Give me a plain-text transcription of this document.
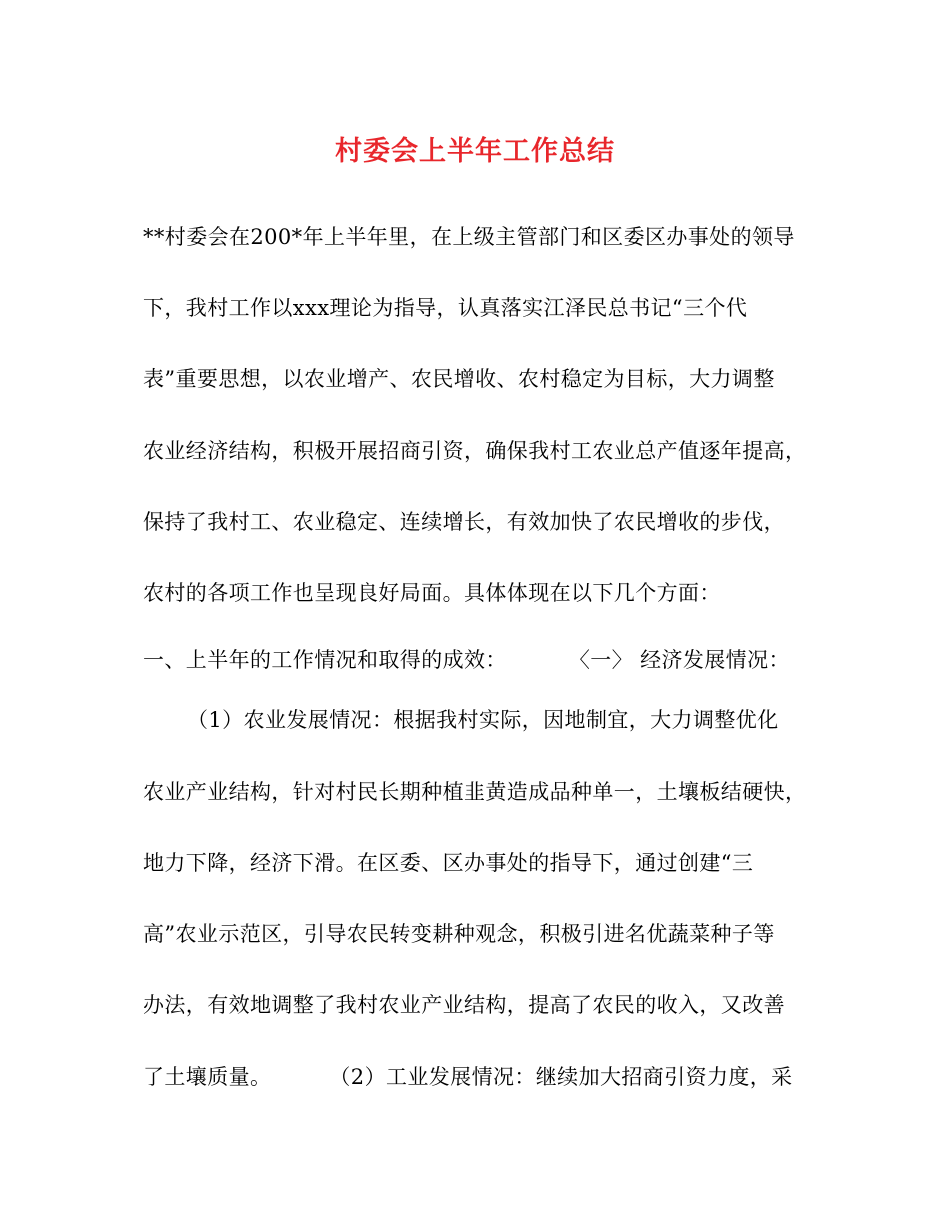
村委会上半年工作总结
**村委会在200*年上半年里，在上级主管部门和区委区办事处的领导
下，我村工作以xxx理论为指导，认真落实江泽民总书记“三个代
表”重要思想，以农业增产、农民增收、农村稳定为目标，大力调整
农业经济结构，积极开展招商引资，确保我村工农业总产值逐年提高，
保持了我村工、农业稳定、连续增长，有效加快了农民增收的步伐，
农村的各项工作也呈现良好局面。具体体现在以下几个方面：
一、上半年的工作情况和取得的成效：	〈一〉 经济发展情况：
（1）农业发展情况：根据我村实际，因地制宜，大力调整优化
农业产业结构，针对村民长期种植韭黄造成品种单一，土壤板结硬快，
地力下降，经济下滑。在区委、区办事处的指导下，通过创建“三
高”农业示范区，引导农民转变耕种观念，积极引进名优蔬菜种子等
办法，有效地调整了我村农业产业结构，提高了农民的收入，又改善
了土壤质量。	（2）工业发展情况：继续加大招商引资力度，采
